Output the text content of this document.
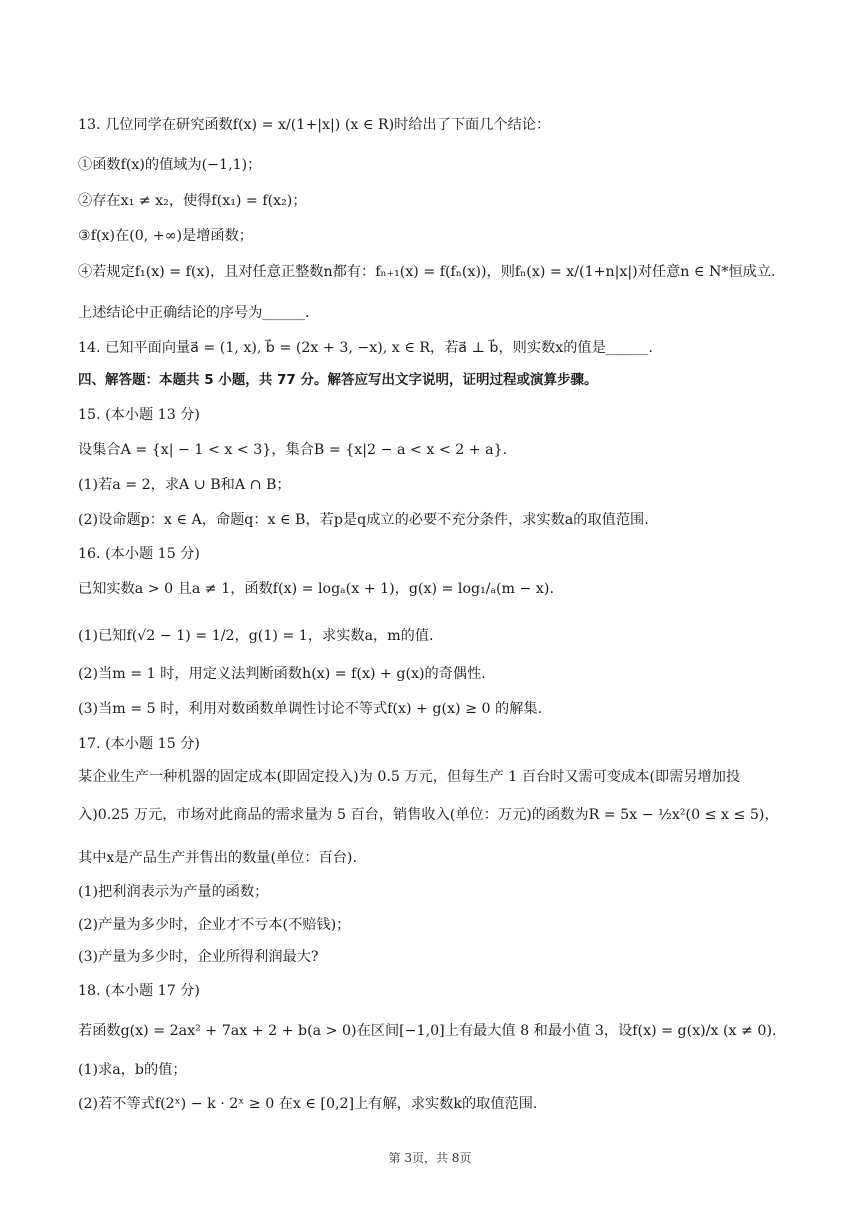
13. 几位同学在研究函数f(x) = x/(1+|x|) (x ∈ R)时给出了下面几个结论：
①函数f(x)的值域为(−1,1)；
②存在x₁ ≠ x₂，使得f(x₁) = f(x₂)；
③f(x)在(0, +∞)是增函数；
④若规定f₁(x) = f(x)，且对任意正整数n都有：fₙ₊₁(x) = f(fₙ(x))，则fₙ(x) = x/(1+n|x|)对任意n ∈ N*恒成立.
上述结论中正确结论的序号为______.
14. 已知平面向量a⃗ = (1, x), b⃗ = (2x + 3, −x), x ∈ R，若a⃗ ⊥ b⃗，则实数x的值是______.
四、解答题：本题共 5 小题，共 77 分。解答应写出文字说明，证明过程或演算步骤。
15. (本小题 13 分)
设集合A = {x| − 1 < x < 3}，集合B = {x|2 − a < x < 2 + a}.
(1)若a = 2，求A ∪ B和A ∩ B；
(2)设命题p：x ∈ A，命题q：x ∈ B，若p是q成立的必要不充分条件，求实数a的取值范围.
16. (本小题 15 分)
已知实数a > 0 且a ≠ 1，函数f(x) = logₐ(x + 1)，g(x) = log₁/ₐ(m − x).
(1)已知f(√2 − 1) = 1/2，g(1) = 1，求实数a，m的值.
(2)当m = 1 时，用定义法判断函数h(x) = f(x) + g(x)的奇偶性.
(3)当m = 5 时，利用对数函数单调性讨论不等式f(x) + g(x) ≥ 0 的解集.
17. (本小题 15 分)
某企业生产一种机器的固定成本(即固定投入)为 0.5 万元，但每生产 1 百台时又需可变成本(即需另增加投
入)0.25 万元，市场对此商品的需求量为 5 百台，销售收入(单位：万元)的函数为R = 5x − ½x²(0 ≤ x ≤ 5)，
其中x是产品生产并售出的数量(单位：百台).
(1)把利润表示为产量的函数；
(2)产量为多少时，企业才不亏本(不赔钱)；
(3)产量为多少时，企业所得利润最大?
18. (本小题 17 分)
若函数g(x) = 2ax² + 7ax + 2 + b(a > 0)在区间[−1,0]上有最大值 8 和最小值 3，设f(x) = g(x)/x (x ≠ 0).
(1)求a，b的值；
(2)若不等式f(2ˣ) − k · 2ˣ ≥ 0 在x ∈ [0,2]上有解，求实数k的取值范围.
第 3页，共 8页
